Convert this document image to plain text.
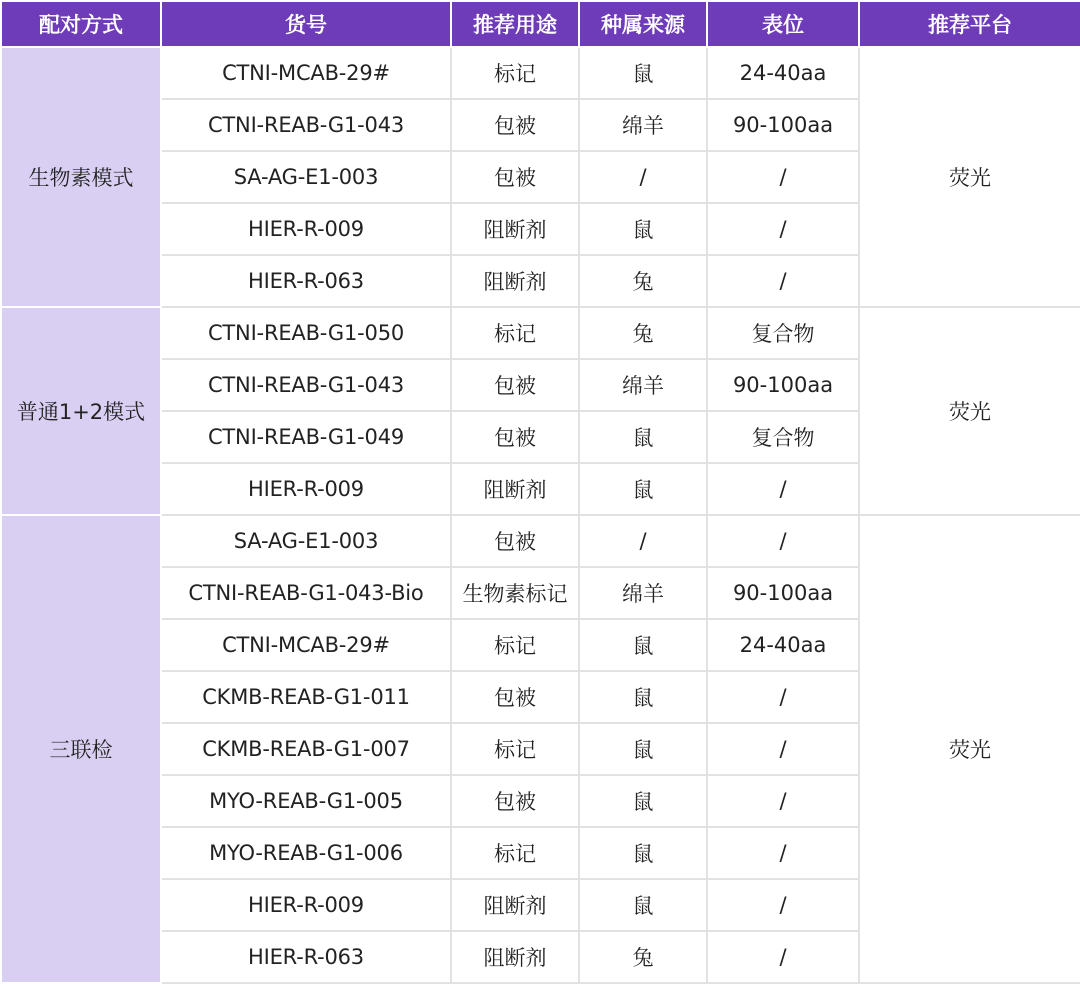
配对方式	货号	推荐用途	种属来源	表位	推荐平台
生物素模式	CTNI-MCAB-29#	标记	鼠	24-40aa	荧光
	CTNI-REAB-G1-043	包被	绵羊	90-100aa	
	SA-AG-E1-003	包被	/	/	
	HIER-R-009	阻断剂	鼠	/	
	HIER-R-063	阻断剂	兔	/	
普通1+2模式	CTNI-REAB-G1-050	标记	兔	复合物	荧光
	CTNI-REAB-G1-043	包被	绵羊	90-100aa	
	CTNI-REAB-G1-049	包被	鼠	复合物	
	HIER-R-009	阻断剂	鼠	/	
三联检	SA-AG-E1-003	包被	/	/	荧光
	CTNI-REAB-G1-043-Bio	生物素标记	绵羊	90-100aa	
	CTNI-MCAB-29#	标记	鼠	24-40aa	
	CKMB-REAB-G1-011	包被	鼠	/	
	CKMB-REAB-G1-007	标记	鼠	/	
	MYO-REAB-G1-005	包被	鼠	/	
	MYO-REAB-G1-006	标记	鼠	/	
	HIER-R-009	阻断剂	鼠	/	
	HIER-R-063	阻断剂	兔	/	
